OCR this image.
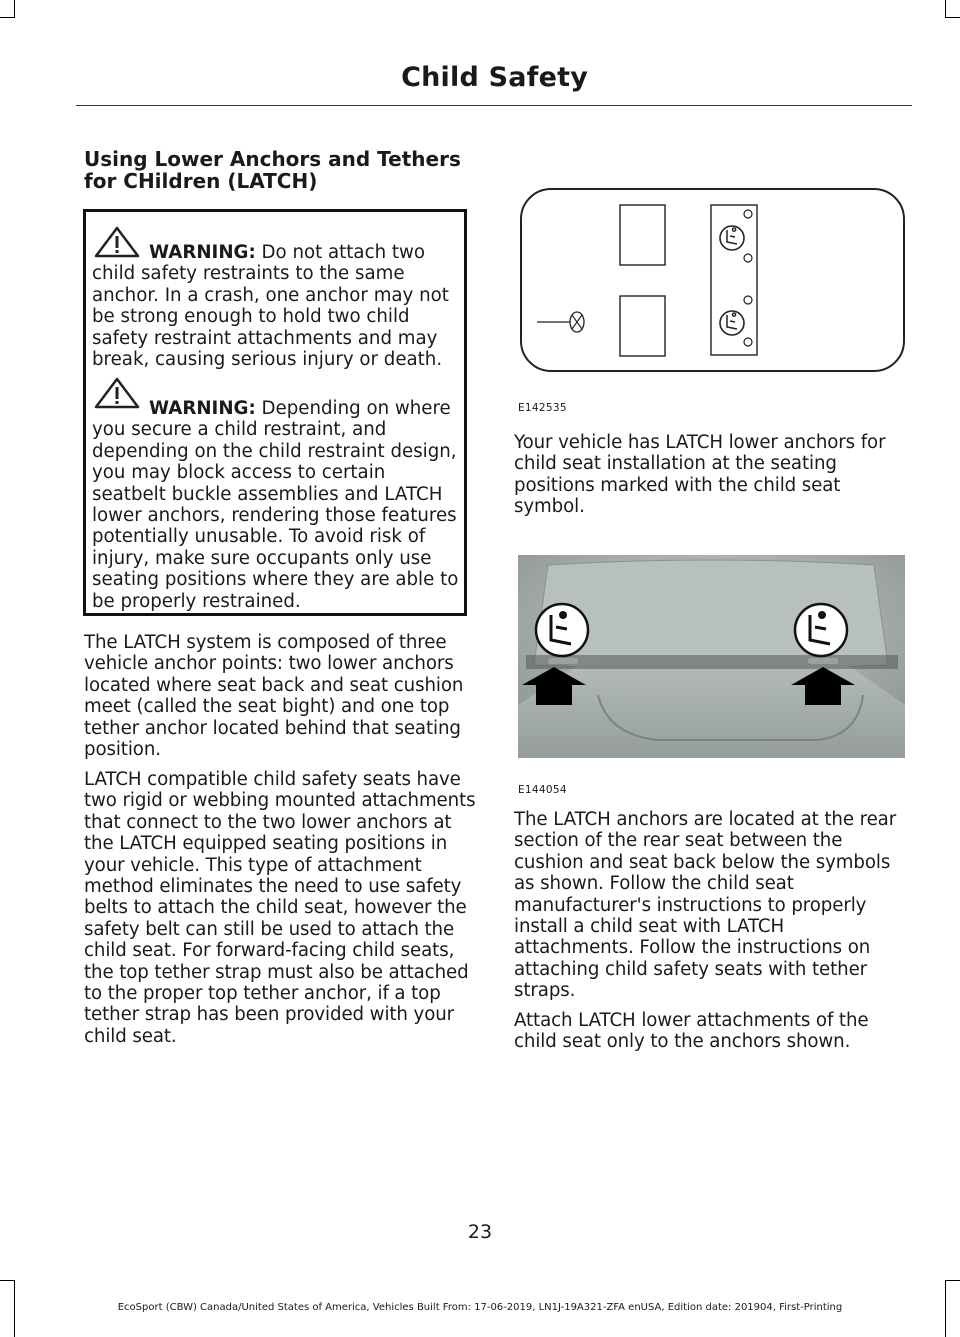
Child Safety
Using Lower Anchors and Tethers for CHildren (LATCH)

WARNING: Do not attach two child safety restraints to the same anchor. In a crash, one anchor may not be strong enough to hold two child safety restraint attachments and may break, causing serious injury or death.

WARNING: Depending on where you secure a child restraint, and depending on the child restraint design, you may block access to certain seatbelt buckle assemblies and LATCH lower anchors, rendering those features potentially unusable. To avoid risk of injury, make sure occupants only use seating positions where they are able to be properly restrained.

The LATCH system is composed of three vehicle anchor points: two lower anchors located where seat back and seat cushion meet (called the seat bight) and one top tether anchor located behind that seating position.

LATCH compatible child safety seats have two rigid or webbing mounted attachments that connect to the two lower anchors at the LATCH equipped seating positions in your vehicle. This type of attachment method eliminates the need to use safety belts to attach the child seat, however the safety belt can still be used to attach the child seat. For forward-facing child seats, the top tether strap must also be attached to the proper top tether anchor, if a top tether strap has been provided with your child seat.

E142535

Your vehicle has LATCH lower anchors for child seat installation at the seating positions marked with the child seat symbol.

E144054

The LATCH anchors are located at the rear section of the rear seat between the cushion and seat back below the symbols as shown. Follow the child seat manufacturer's instructions to properly install a child seat with LATCH attachments. Follow the instructions on attaching child safety seats with tether straps.

Attach LATCH lower attachments of the child seat only to the anchors shown.

23
EcoSport (CBW) Canada/United States of America, Vehicles Built From: 17-06-2019, LN1J-19A321-ZFA enUSA, Edition date: 201904, First-Printing
